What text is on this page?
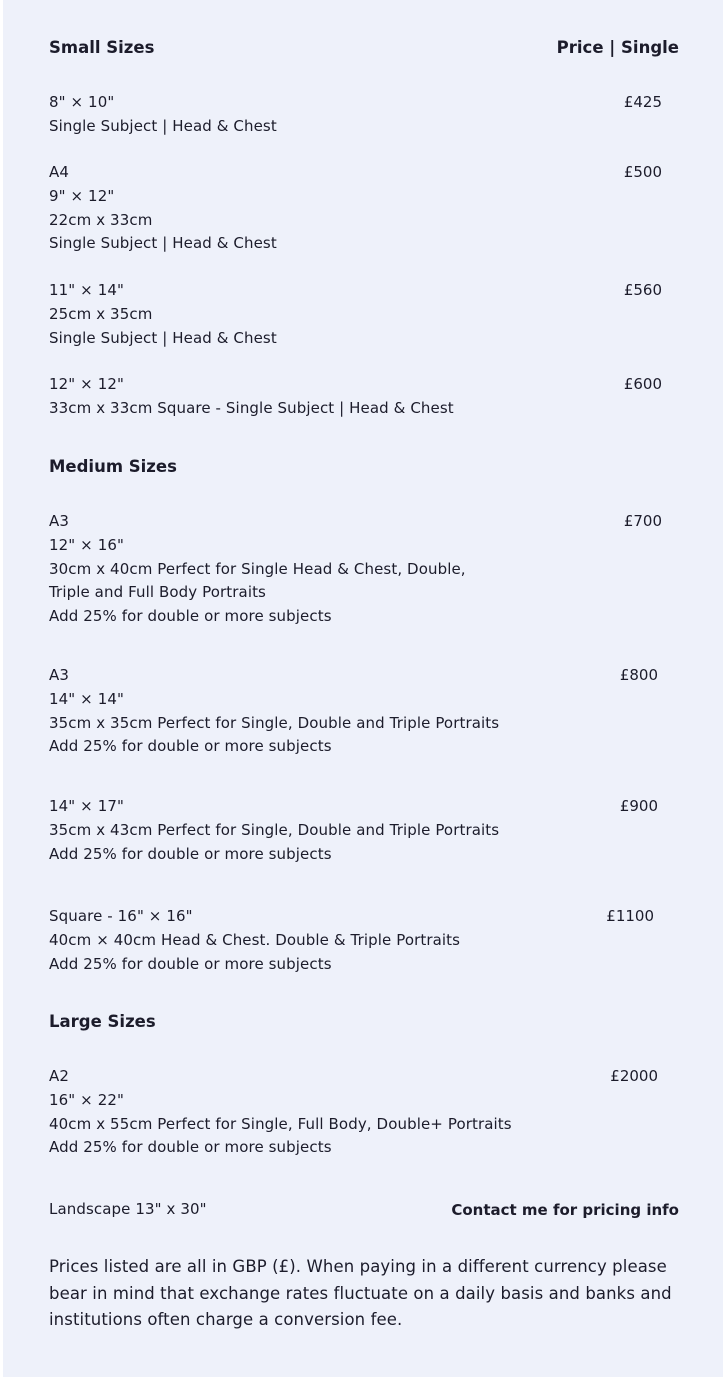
Small Sizes	Price | Single
8" × 10"
Single Subject | Head & Chest
£425
A4
9" × 12"
22cm x 33cm
Single Subject | Head & Chest
£500
11" × 14"
25cm x 35cm
Single Subject | Head & Chest
£560
12" × 12"
33cm x 33cm Square - Single Subject | Head & Chest
£600
Medium Sizes
A3
12" × 16"
30cm x 40cm Perfect for Single Head & Chest, Double,
Triple and Full Body Portraits
Add 25% for double or more subjects
£700
A3
14" × 14"
35cm x 35cm Perfect for Single, Double and Triple Portraits
Add 25% for double or more subjects
£800
14" × 17"
35cm x 43cm Perfect for Single, Double and Triple Portraits
Add 25% for double or more subjects
£900
Square - 16" × 16"
40cm × 40cm Head & Chest. Double & Triple Portraits
Add 25% for double or more subjects
£1100
Large Sizes
A2
16" × 22"
40cm x 55cm Perfect for Single, Full Body, Double+ Portraits
Add 25% for double or more subjects
£2000
Landscape 13" x 30"	Contact me for pricing info
Prices listed are all in GBP (£). When paying in a different currency please bear in mind that exchange rates fluctuate on a daily basis and banks and institutions often charge a conversion fee.
